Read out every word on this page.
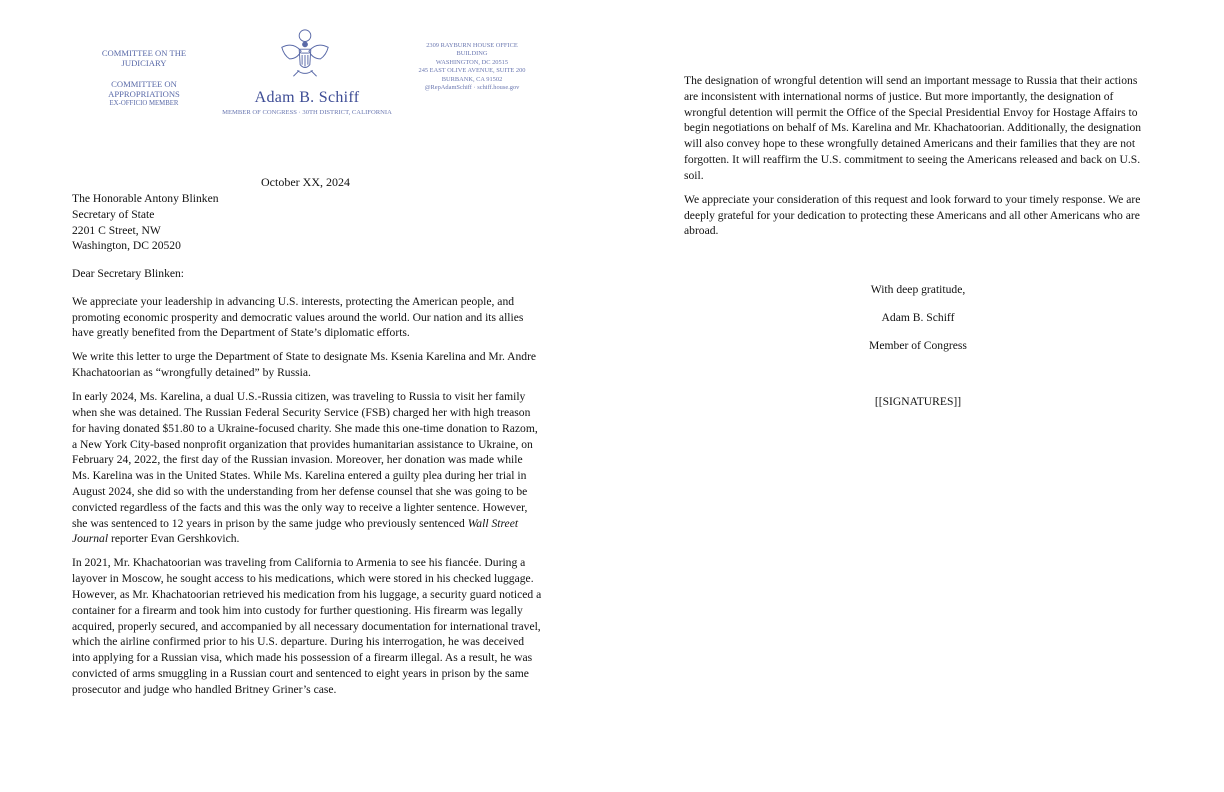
COMMITTEE ON THE JUDICIARY
COMMITTEE ON APPROPRIATIONS
EX-OFFICIO MEMBER	Adam B. Schiff
MEMBER OF CONGRESS · 30TH DISTRICT, CALIFORNIA
2309 RAYBURN HOUSE OFFICE
BUILDING
WASHINGTON, DC 20515
245 EAST OLIVE AVENUE, SUITE 200
BURBANK, CA 91502
@RepAdamSchiff · schiff.house.gov
October XX, 2024
The Honorable Antony Blinken
Secretary of State
2201 C Street, NW
Washington, DC 20520

Dear Secretary Blinken:

We appreciate your leadership in advancing U.S. interests, protecting the American people, and promoting economic prosperity and democratic values around the world. Our nation and its allies have greatly benefited from the Department of State’s diplomatic efforts.

We write this letter to urge the Department of State to designate Ms. Ksenia Karelina and Mr. Andre Khachatoorian as “wrongfully detained” by Russia.

In early 2024, Ms. Karelina, a dual U.S.-Russia citizen, was traveling to Russia to visit her family when she was detained. The Russian Federal Security Service (FSB) charged her with high treason for having donated $51.80 to a Ukraine-focused charity. She made this one-time donation to Razom, a New York City-based nonprofit organization that provides humanitarian assistance to Ukraine, on February 24, 2022, the first day of the Russian invasion. Moreover, her donation was made while Ms. Karelina was in the United States. While Ms. Karelina entered a guilty plea during her trial in August 2024, she did so with the understanding from her defense counsel that she was going to be convicted regardless of the facts and this was the only way to receive a lighter sentence. However, she was sentenced to 12 years in prison by the same judge who previously sentenced Wall Street Journal reporter Evan Gershkovich.

In 2021, Mr. Khachatoorian was traveling from California to Armenia to see his fiancée. During a layover in Moscow, he sought access to his medications, which were stored in his checked luggage. However, as Mr. Khachatoorian retrieved his medication from his luggage, a security guard noticed a container for a firearm and took him into custody for further questioning. His firearm was legally acquired, properly secured, and accompanied by all necessary documentation for international travel, which the airline confirmed prior to his U.S. departure. During his interrogation, he was deceived into applying for a Russian visa, which made his possession of a firearm illegal. As a result, he was convicted of arms smuggling in a Russian court and sentenced to eight years in prison by the same prosecutor and judge who handled Britney Griner’s case.

The designation of wrongful detention will send an important message to Russia that their actions are inconsistent with international norms of justice. But more importantly, the designation of wrongful detention will permit the Office of the Special Presidential Envoy for Hostage Affairs to begin negotiations on behalf of Ms. Karelina and Mr. Khachatoorian. Additionally, the designation will also convey hope to these wrongfully detained Americans and their families that they are not forgotten. It will reaffirm the U.S. commitment to seeing the Americans released and back on U.S. soil.

We appreciate your consideration of this request and look forward to your timely response. We are deeply grateful for your dedication to protecting these Americans and all other Americans who are abroad.

With deep gratitude,
Adam B. Schiff
Member of Congress
[[SIGNATURES]]
